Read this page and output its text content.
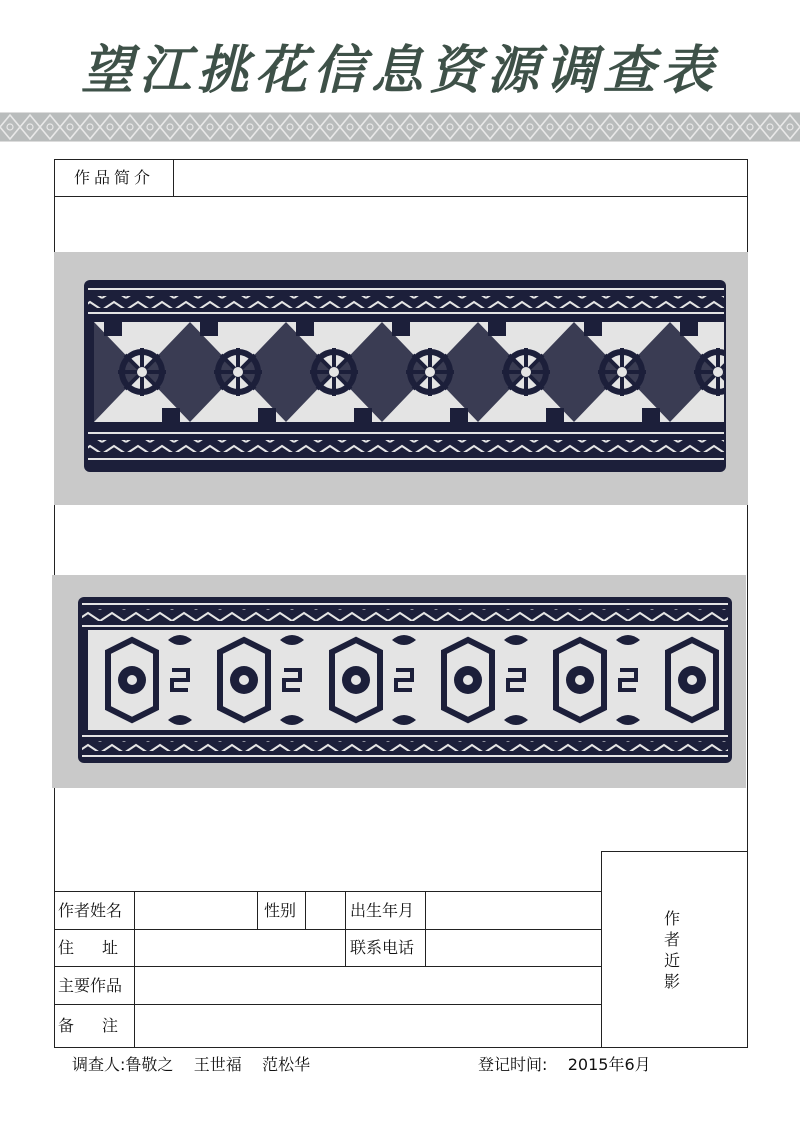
望江挑花信息资源调查表
作品简介
作
者
近
影
作者姓名	性别	出生年月
住　址	联系电话
主要作品
备　注
调查人:鲁敬之 王世福 范松华	登记时间: 2015年6月
